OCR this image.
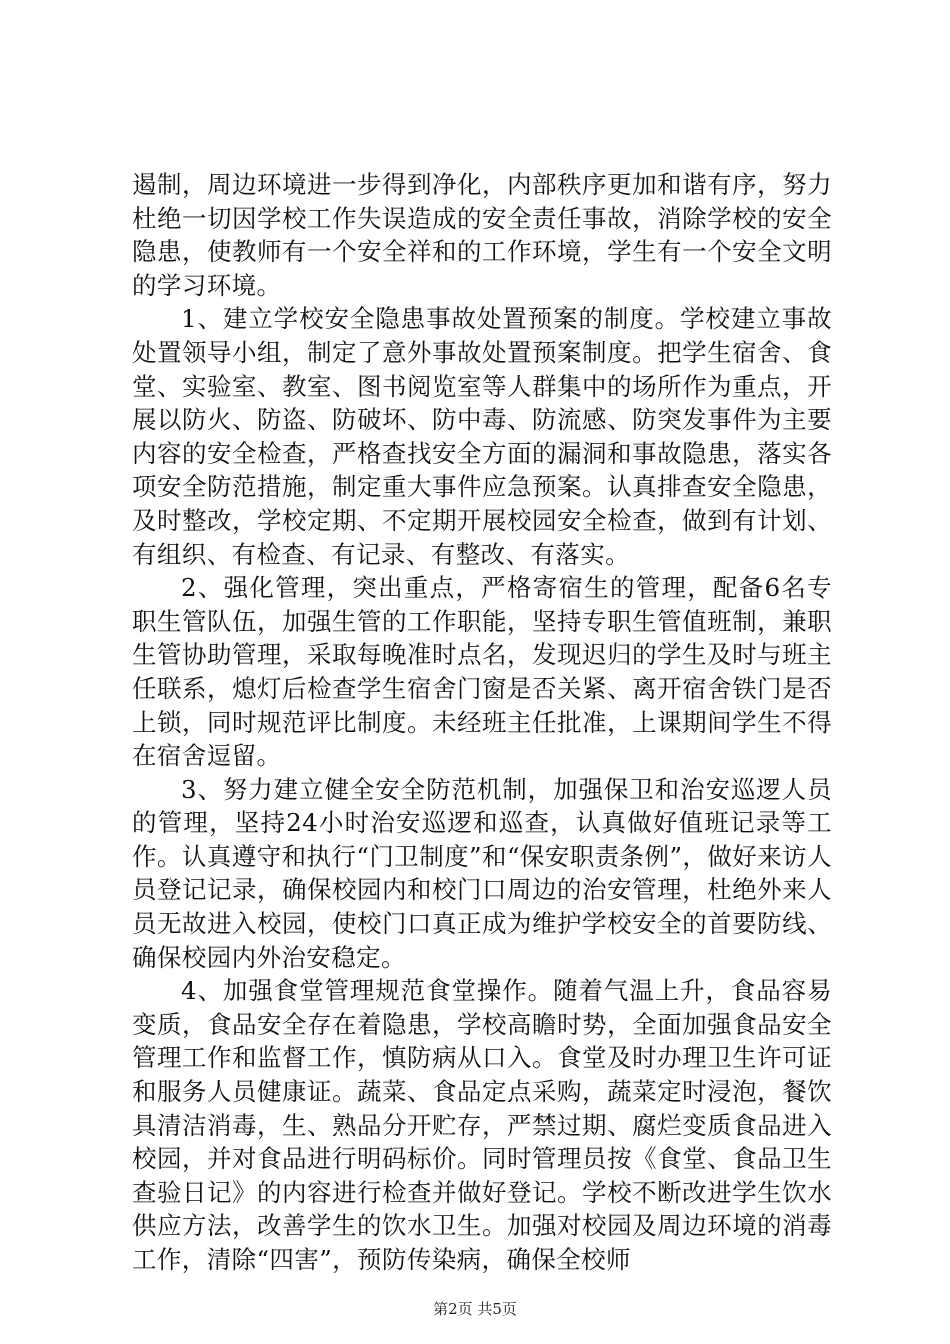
遏制，周边环境进一步得到净化，内部秩序更加和谐有序，努力杜绝一切因学校工作失误造成的安全责任事故，消除学校的安全隐患，使教师有一个安全祥和的工作环境，学生有一个安全文明的学习环境。

1、建立学校安全隐患事故处置预案的制度。学校建立事故处置领导小组，制定了意外事故处置预案制度。把学生宿舍、食堂、实验室、教室、图书阅览室等人群集中的场所作为重点，开展以防火、防盗、防破坏、防中毒、防流感、防突发事件为主要内容的安全检查，严格查找安全方面的漏洞和事故隐患，落实各项安全防范措施，制定重大事件应急预案。认真排查安全隐患，及时整改，学校定期、不定期开展校园安全检查，做到有计划、有组织、有检查、有记录、有整改、有落实。

2、强化管理，突出重点，严格寄宿生的管理，配备6名专职生管队伍，加强生管的工作职能，坚持专职生管值班制，兼职生管协助管理，采取每晚准时点名，发现迟归的学生及时与班主任联系，熄灯后检查学生宿舍门窗是否关紧、离开宿舍铁门是否上锁，同时规范评比制度。未经班主任批准，上课期间学生不得在宿舍逗留。

3、努力建立健全安全防范机制，加强保卫和治安巡逻人员的管理，坚持24小时治安巡逻和巡查，认真做好值班记录等工作。认真遵守和执行“门卫制度”和“保安职责条例”，做好来访人员登记记录，确保校园内和校门口周边的治安管理，杜绝外来人员无故进入校园，使校门口真正成为维护学校安全的首要防线、确保校园内外治安稳定。

4、加强食堂管理规范食堂操作。随着气温上升，食品容易变质，食品安全存在着隐患，学校高瞻时势，全面加强食品安全管理工作和监督工作，慎防病从口入。食堂及时办理卫生许可证和服务人员健康证。蔬菜、食品定点采购，蔬菜定时浸泡，餐饮具清洁消毒，生、熟品分开贮存，严禁过期、腐烂变质食品进入校园，并对食品进行明码标价。同时管理员按《食堂、食品卫生查验日记》的内容进行检查并做好登记。学校不断改进学生饮水供应方法，改善学生的饮水卫生。加强对校园及周边环境的消毒工作，清除“四害”，预防传染病，确保全校师

第2页 共5页
